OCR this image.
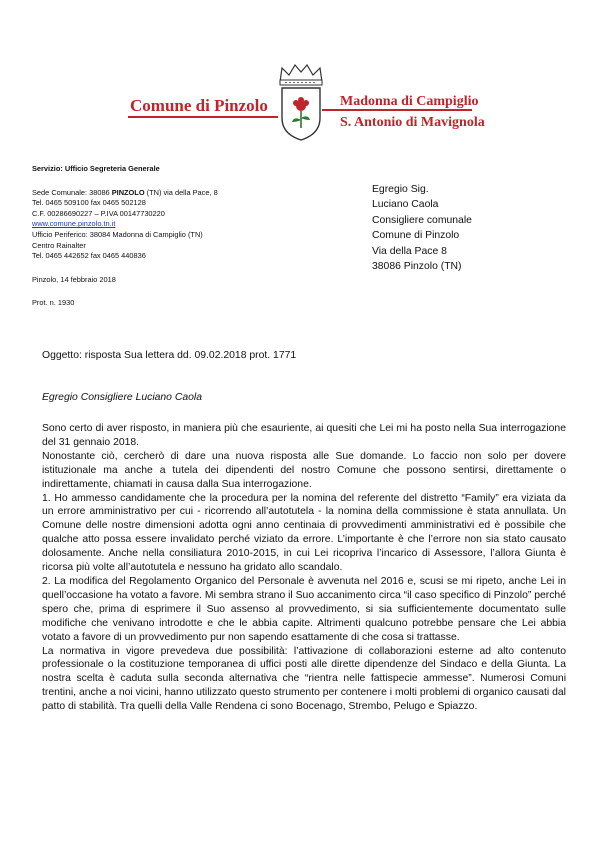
Comune di Pinzolo	Madonna di Campiglio
S. Antonio di Mavignola
Servizio: Ufficio Segreteria Generale
Sede Comunale: 38086 PINZOLO (TN) via della Pace, 8
Tel. 0465 509100 fax 0465 502128
C.F. 00286690227 – P.IVA 00147730220
www.comune.pinzolo.tn.it
Ufficio Periferico: 38084 Madonna di Campiglio (TN)
Centro Rainalter
Tel. 0465 442652 fax 0465 440836
Pinzolo, 14 febbraio 2018
Prot. n. 1930
Egregio Sig.
Luciano Caola
Consigliere comunale
Comune di Pinzolo
Via della Pace 8
38086 Pinzolo (TN)
Oggetto: risposta Sua lettera dd. 09.02.2018 prot. 1771
Egregio Consigliere Luciano Caola

Sono certo di aver risposto, in maniera più che esauriente, ai quesiti che Lei mi ha posto nella Sua interrogazione del 31 gennaio 2018.

Nonostante ciò, cercherò di dare una nuova risposta alle Sue domande. Lo faccio non solo per dovere istituzionale ma anche a tutela dei dipendenti del nostro Comune che possono sentirsi, direttamente o indirettamente, chiamati in causa dalla Sua interrogazione.

1. Ho ammesso candidamente che la procedura per la nomina del referente del distretto “Family” era viziata da un errore amministrativo per cui - ricorrendo all’autotutela - la nomina della commissione è stata annullata. Un Comune delle nostre dimensioni adotta ogni anno centinaia di provvedimenti amministrativi ed è possibile che qualche atto possa essere invalidato perché viziato da errore. L’importante è che l’errore non sia stato causato dolosamente. Anche nella consiliatura 2010-2015, in cui Lei ricopriva l’incarico di Assessore, l’allora Giunta è ricorsa più volte all’autotutela e nessuno ha gridato allo scandalo.

2. La modifica del Regolamento Organico del Personale è avvenuta nel 2016 e, scusi se mi ripeto, anche Lei in quell’occasione ha votato a favore. Mi sembra strano il Suo accanimento circa “il caso specifico di Pinzolo” perché spero che, prima di esprimere il Suo assenso al provvedimento, si sia sufficientemente documentato sulle modifiche che venivano introdotte e che le abbia capite. Altrimenti qualcuno potrebbe pensare che Lei abbia votato a favore di un provvedimento pur non sapendo esattamente di che cosa si trattasse.

La normativa in vigore prevedeva due possibilità: l’attivazione di collaborazioni esterne ad alto contenuto professionale o la costituzione temporanea di uffici posti alle dirette dipendenze del Sindaco e della Giunta. La nostra scelta è caduta sulla seconda alternativa che “rientra nelle fattispecie ammesse”. Numerosi Comuni trentini, anche a noi vicini, hanno utilizzato questo strumento per contenere i molti problemi di organico causati dal patto di stabilità. Tra quelli della Valle Rendena ci sono Bocenago, Strembo, Pelugo e Spiazzo.
